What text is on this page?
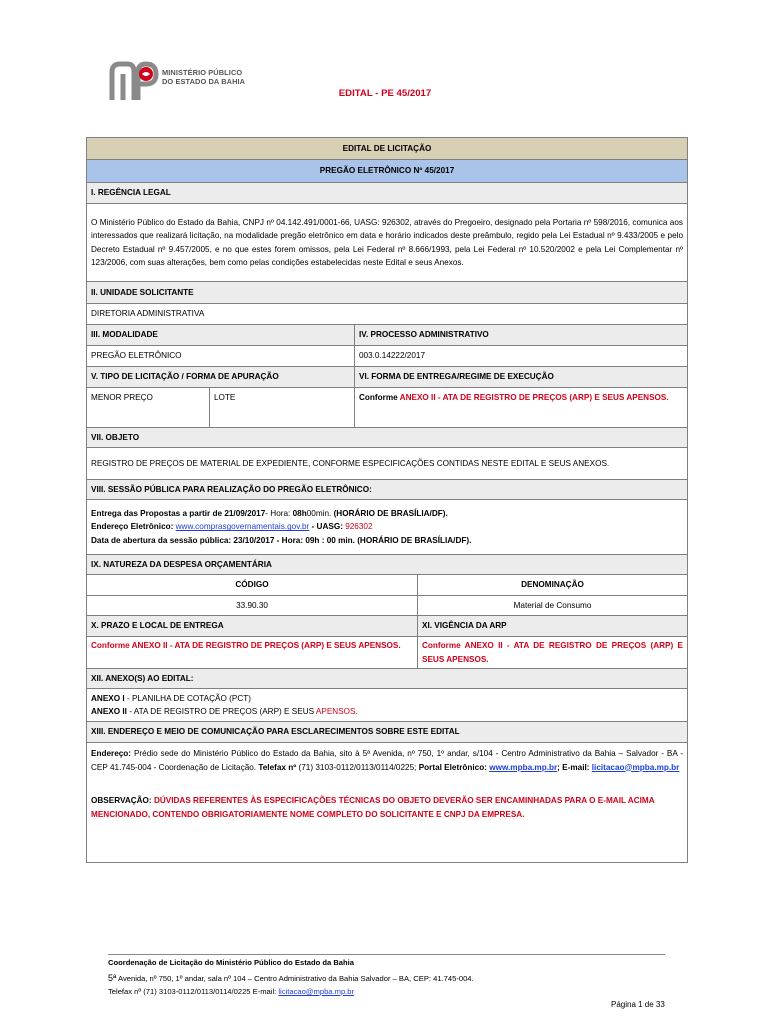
MINISTÉRIO PÚBLICO
DO ESTADO DA BAHIA
EDITAL - PE 45/2017
EDITAL DE LICITAÇÃO			
PREGÃO ELETRÔNICO Nº 45/2017			
I. REGÊNCIA LEGAL			
O Ministério Público do Estado da Bahia, CNPJ nº 04.142.491/0001-66, UASG: 926302, através do Pregoeiro, designado pela Portaria nº 598/2016, comunica aos interessados que realizará licitação, na modalidade pregão eletrônico em data e horário indicados deste preâmbulo, regido pela Lei Estadual nº 9.433/2005 e pelo Decreto Estadual nº 9.457/2005, e no que estes forem omissos, pela Lei Federal nº 8.666/1993, pela Lei Federal nº 10.520/2002 e pela Lei Complementar nº 123/2006, com suas alterações, bem como pelas condições estabelecidas neste Edital e seus Anexos.			
II. UNIDADE SOLICITANTE			
DIRETORIA ADMINISTRATIVA			
III. MODALIDADE		IV. PROCESSO ADMINISTRATIVO	
PREGÃO ELETRÔNICO		003.0.14222/2017	
V. TIPO DE LICITAÇÃO / FORMA DE APURAÇÃO		VI. FORMA DE ENTREGA/REGIME DE EXECUÇÃO	
MENOR PREÇO	LOTE	Conforme ANEXO II - ATA DE REGISTRO DE PREÇOS (ARP) E SEUS APENSOS.	
VII. OBJETO			
REGISTRO DE PREÇOS DE MATERIAL DE EXPEDIENTE, CONFORME ESPECIFICAÇÕES CONTIDAS NESTE EDITAL E SEUS ANEXOS.			
VIII. SESSÃO PÚBLICA PARA REALIZAÇÃO DO PREGÃO ELETRÔNICO:			

Entrega das Propostas a partir de 21/09/2017- Hora: 08h00min. (HORÁRIO DE BRASÍLIA/DF).
Endereço Eletrônico: www.comprasgovernamentais.gov.br - UASG: 926302
Data de abertura da sessão pública: 23/10/2017 - Hora: 09h : 00 min. (HORÁRIO DE BRASÍLIA/DF).			

IX. NATUREZA DA DESPESA ORÇAMENTÁRIA			
CÓDIGO			DENOMINAÇÃO
33.90.30			Material de Consumo
X. PRAZO E LOCAL DE ENTREGA			XI. VIGÊNCIA DA ARP
Conforme ANEXO II - ATA DE REGISTRO DE PREÇOS (ARP) E SEUS APENSOS.			Conforme ANEXO II - ATA DE REGISTRO DE PREÇOS (ARP) E SEUS APENSOS.
XII. ANEXO(S) AO EDITAL:			

ANEXO I - PLANILHA DE COTAÇÃO (PCT)
ANEXO II - ATA DE REGISTRO DE PREÇOS (ARP) E SEUS APENSOS.			

XIII. ENDEREÇO E MEIO DE COMUNICAÇÃO PARA ESCLARECIMENTOS SOBRE ESTE EDITAL			

Endereço: Prédio sede do Ministério Público do Estado da Bahia, sito à 5ª Avenida, nº 750, 1º andar, s/104 - Centro Administrativo da Bahia – Salvador - BA - CEP 41.745-004 - Coordenação de Licitação. Telefax nº (71) 3103-0112/0113/0114/0225; Portal Eletrônico: www.mpba.mp.br; E-mail: licitacao@mpba.mp.br
OBSERVAÇÃO: DÚVIDAS REFERENTES ÀS ESPECIFICAÇÕES TÉCNICAS DO OBJETO DEVERÃO SER ENCAMINHADAS PARA O E-MAIL ACIMA MENCIONADO, CONTENDO OBRIGATORIAMENTE NOME COMPLETO DO SOLICITANTE E CNPJ DA EMPRESA.			
Coordenação de Licitação do Ministério Público do Estado da Bahia
5ª Avenida, nº 750, 1º andar, sala nº 104 – Centro Administrativo da Bahia Salvador – BA, CEP: 41.745-004.
Telefax nº (71) 3103-0112/0113/0114/0225 E-mail: licitacao@mpba.mp.br
Página 1 de 33
